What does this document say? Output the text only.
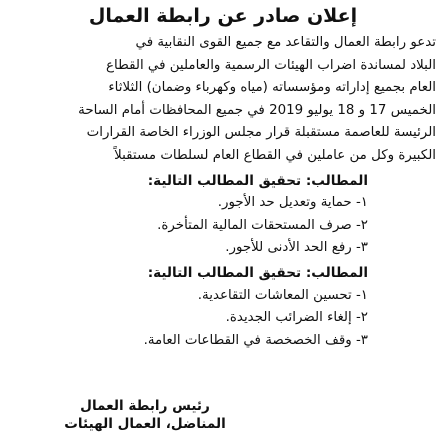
إعلان صادر عن رابطة العمال

تدعو رابطة العمال والتقاعد مع جميع القوى النقابية في
البلاد لمساندة اضراب الهيئات الرسمية والعاملين في القطاع
العام بجميع إداراته ومؤسساته (مياه وكهرباء وضمان) الثلاثاء
الخميس 17 و 18 يوليو 2019 في جميع المحافظات أمام الساحة
الرئيسة للعاصمة مستقبلة قرار مجلس الوزراء الخاصة القرارات
الكبيرة وكل من عاملين في القطاع العام لسلطات مستقبلاً

المطالب: تحقيق المطالب التالية:

١- حماية وتعديل حد الأجور.
٢- صرف المستحقات المالية المتأخرة.
٣- رفع الحد الأدنى للأجور.

المطالب: تحقيق المطالب التالية:

١- تحسين المعاشات التقاعدية.
٢- إلغاء الضرائب الجديدة.
٣- وقف الخصخصة في القطاعات العامة.
رئيس رابطة العمال
المناضل، العمال الهيئات
